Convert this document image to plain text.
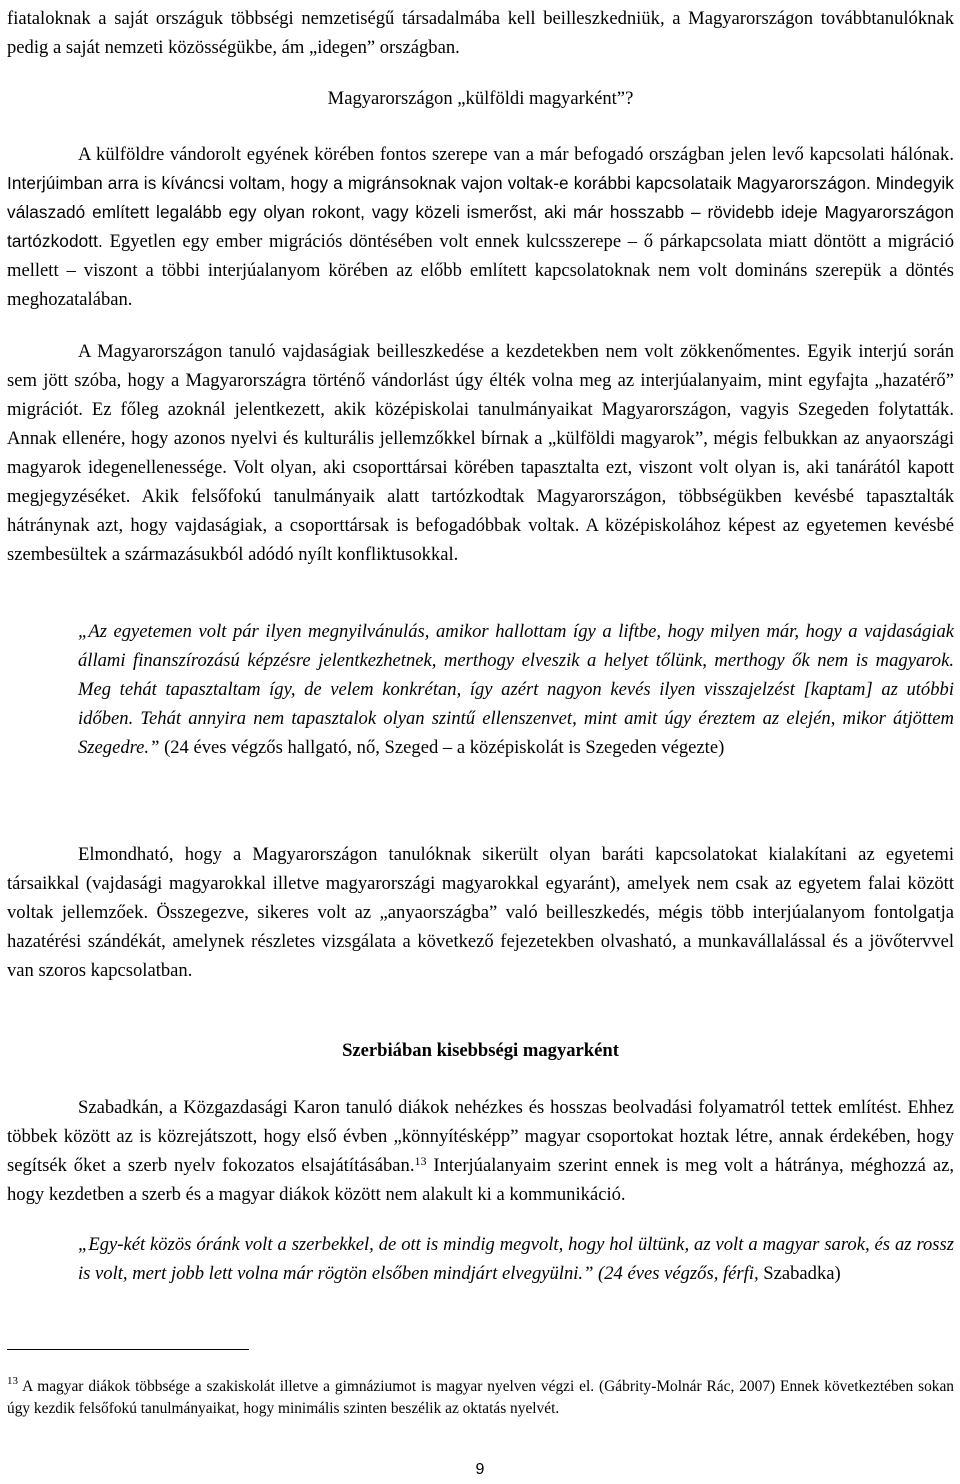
fiataloknak a saját országuk többségi nemzetiségű társadalmába kell beilleszkedniük, a Magyarországon továbbtanulóknak pedig a saját nemzeti közösségükbe, ám „idegen” országban.

Magyarországon „külföldi magyarként”?

A külföldre vándorolt egyének körében fontos szerepe van a már befogadó országban jelen levő kapcsolati hálónak. Interjúimban arra is kíváncsi voltam, hogy a migránsoknak vajon voltak-e korábbi kapcsolataik Magyarországon. Mindegyik válaszadó említett legalább egy olyan rokont, vagy közeli ismerőst, aki már hosszabb – rövidebb ideje Magyarországon tartózkodott. Egyetlen egy ember migrációs döntésében volt ennek kulcsszerepe – ő párkapcsolata miatt döntött a migráció mellett – viszont a többi interjúalanyom körében az előbb említett kapcsolatoknak nem volt domináns szerepük a döntés meghozatalában.

A Magyarországon tanuló vajdaságiak beilleszkedése a kezdetekben nem volt zökkenőmentes. Egyik interjú során sem jött szóba, hogy a Magyarországra történő vándorlást úgy élték volna meg az interjúalanyaim, mint egyfajta „hazatérő” migrációt. Ez főleg azoknál jelentkezett, akik középiskolai tanulmányaikat Magyarországon, vagyis Szegeden folytatták. Annak ellenére, hogy azonos nyelvi és kulturális jellemzőkkel bírnak a „külföldi magyarok”, mégis felbukkan az anyaországi magyarok idegenellenessége. Volt olyan, aki csoporttársai körében tapasztalta ezt, viszont volt olyan is, aki tanárától kapott megjegyzéséket. Akik felsőfokú tanulmányaik alatt tartózkodtak Magyarországon, többségükben kevésbé tapasztalták hátránynak azt, hogy vajdaságiak, a csoporttársak is befogadóbbak voltak. A középiskolához képest az egyetemen kevésbé szembesültek a származásukból adódó nyílt konfliktusokkal.

„Az egyetemen volt pár ilyen megnyilvánulás, amikor hallottam így a liftbe, hogy milyen már, hogy a vajdaságiak állami finanszírozású képzésre jelentkezhetnek, merthogy elveszik a helyet tőlünk, merthogy ők nem is magyarok. Meg tehát tapasztaltam így, de velem konkrétan, így azért nagyon kevés ilyen visszajelzést [kaptam] az utóbbi időben. Tehát annyira nem tapasztalok olyan szintű ellenszenvet, mint amit úgy éreztem az elején, mikor átjöttem Szegedre.” (24 éves végzős hallgató, nő, Szeged – a középiskolát is Szegeden végezte)

Elmondható, hogy a Magyarországon tanulóknak sikerült olyan baráti kapcsolatokat kialakítani az egyetemi társaikkal (vajdasági magyarokkal illetve magyarországi magyarokkal egyaránt), amelyek nem csak az egyetem falai között voltak jellemzőek. Összegezve, sikeres volt az „anyaországba” való beilleszkedés, mégis több interjúalanyom fontolgatja hazatérési szándékát, amelynek részletes vizsgálata a következő fejezetekben olvasható, a munkavállalással és a jövőtervvel van szoros kapcsolatban.

Szerbiában kisebbségi magyarként

Szabadkán, a Közgazdasági Karon tanuló diákok nehézkes és hosszas beolvadási folyamatról tettek említést. Ehhez többek között az is közrejátszott, hogy első évben „könnyítésképp” magyar csoportokat hoztak létre, annak érdekében, hogy segítsék őket a szerb nyelv fokozatos elsajátításában.$^{13}$ Interjúalanyaim szerint ennek is meg volt a hátránya, méghozzá az, hogy kezdetben a szerb és a magyar diákok között nem alakult ki a kommunikáció.

„Egy-két közös óránk volt a szerbekkel, de ott is mindig megvolt, hogy hol ültünk, az volt a magyar sarok, és az rossz is volt, mert jobb lett volna már rögtön elsőben mindjárt elvegyülni.” (24 éves végzős, férfi, Szabadka)

$^{13}$ A magyar diákok többsége a szakiskolát illetve a gimnáziumot is magyar nyelven végzi el. (Gábrity-Molnár Rác, 2007) Ennek következtében sokan úgy kezdik felsőfokú tanulmányaikat, hogy minimális szinten beszélik az oktatás nyelvét.

9
